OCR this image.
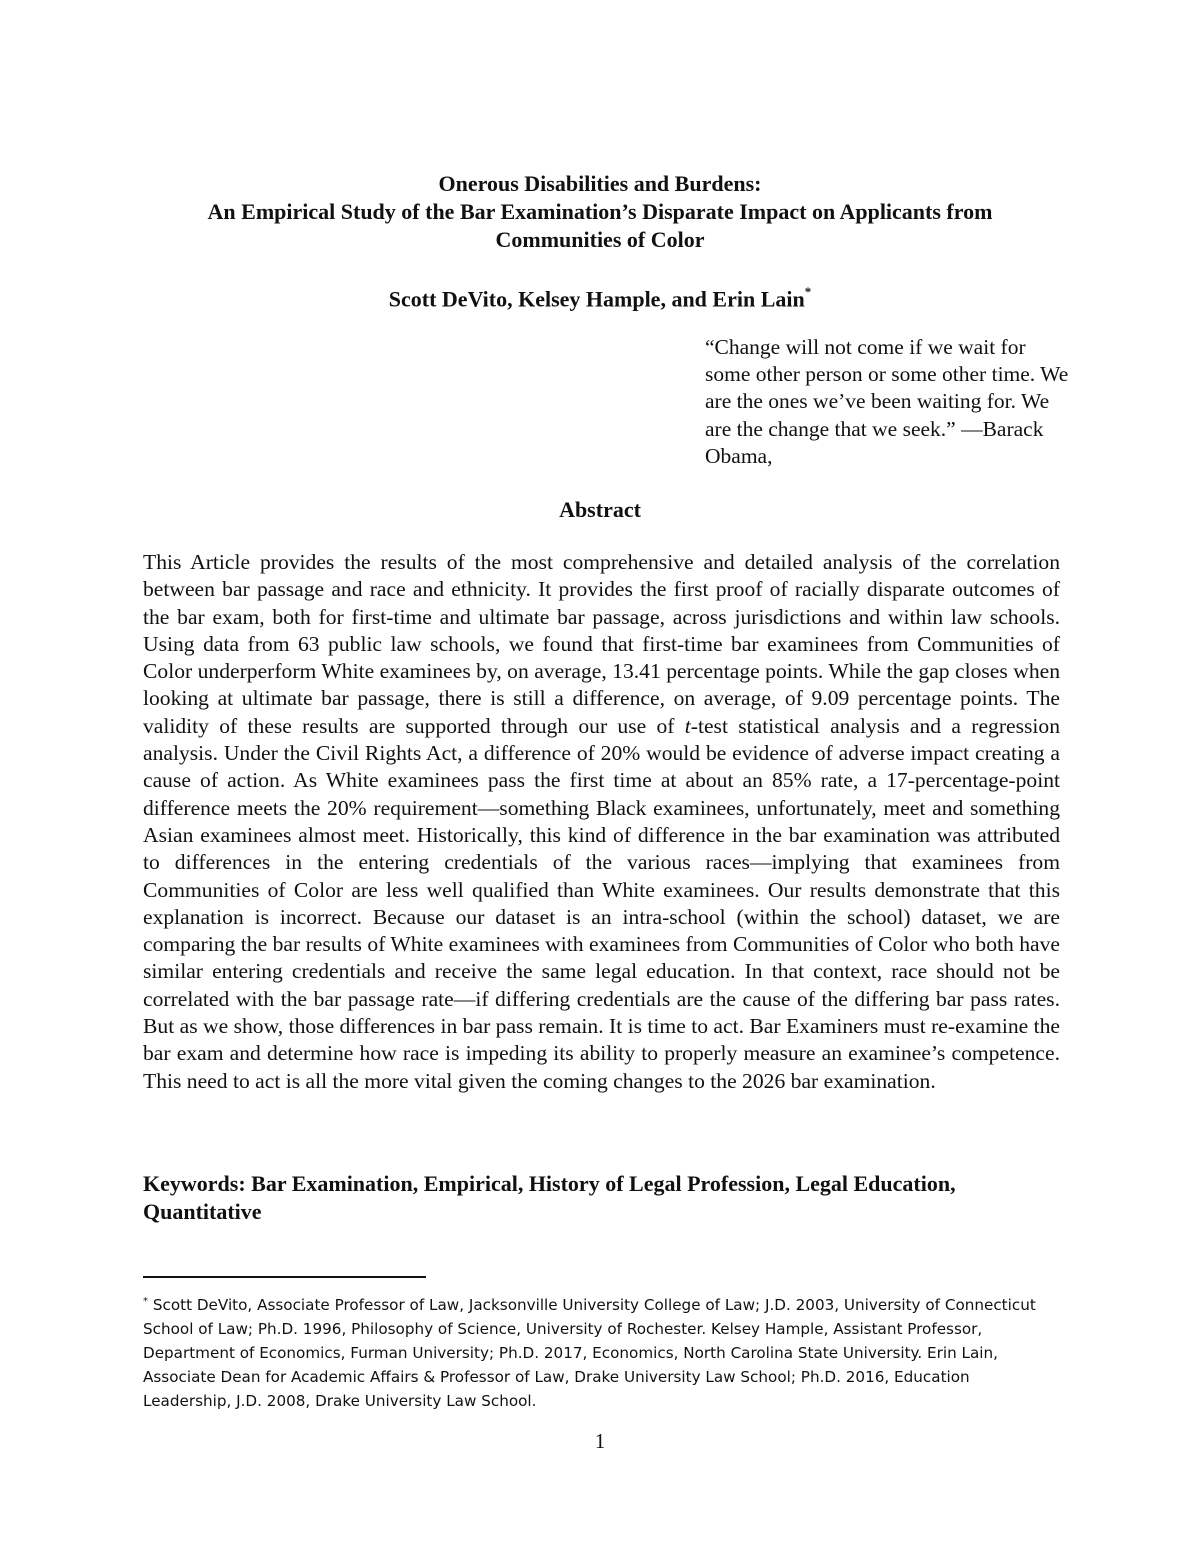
Onerous Disabilities and Burdens:
An Empirical Study of the Bar Examination’s Disparate Impact on Applicants from
Communities of Color
Scott DeVito, Kelsey Hample, and Erin Lain*
“Change will not come if we wait for some other person or some other time. We are the ones we’ve been waiting for. We are the change that we seek.” —Barack Obama,
Abstract

This Article provides the results of the most comprehensive and detailed analysis of the correlation between bar passage and race and ethnicity. It provides the first proof of racially disparate outcomes of the bar exam, both for first-time and ultimate bar passage, across jurisdictions and within law schools. Using data from 63 public law schools, we found that first-time bar examinees from Communities of Color underperform White examinees by, on average, 13.41 percentage points. While the gap closes when looking at ultimate bar passage, there is still a difference, on average, of 9.09 percentage points. The validity of these results are supported through our use of t-test statistical analysis and a regression analysis. Under the Civil Rights Act, a difference of 20% would be evidence of adverse impact creating a cause of action. As White examinees pass the first time at about an 85% rate, a 17-percentage-point difference meets the 20% requirement—something Black examinees, unfortunately, meet and something Asian examinees almost meet. Historically, this kind of difference in the bar examination was attributed to differences in the entering credentials of the various races—implying that examinees from Communities of Color are less well qualified than White examinees. Our results demonstrate that this explanation is incorrect. Because our dataset is an intra-school (within the school) dataset, we are comparing the bar results of White examinees with examinees from Communities of Color who both have similar entering credentials and receive the same legal education. In that context, race should not be correlated with the bar passage rate—if differing credentials are the cause of the differing bar pass rates. But as we show, those differences in bar pass remain. It is time to act. Bar Examiners must re-examine the bar exam and determine how race is impeding its ability to properly measure an examinee’s competence. This need to act is all the more vital given the coming changes to the 2026 bar examination.

Keywords: Bar Examination, Empirical, History of Legal Profession, Legal Education, Quantitative
* Scott DeVito, Associate Professor of Law, Jacksonville University College of Law; J.D. 2003, University of Connecticut School of Law; Ph.D. 1996, Philosophy of Science, University of Rochester. Kelsey Hample, Assistant Professor, Department of Economics, Furman University; Ph.D. 2017, Economics, North Carolina State University. Erin Lain, Associate Dean for Academic Affairs & Professor of Law, Drake University Law School; Ph.D. 2016, Education Leadership, J.D. 2008, Drake University Law School.
1
